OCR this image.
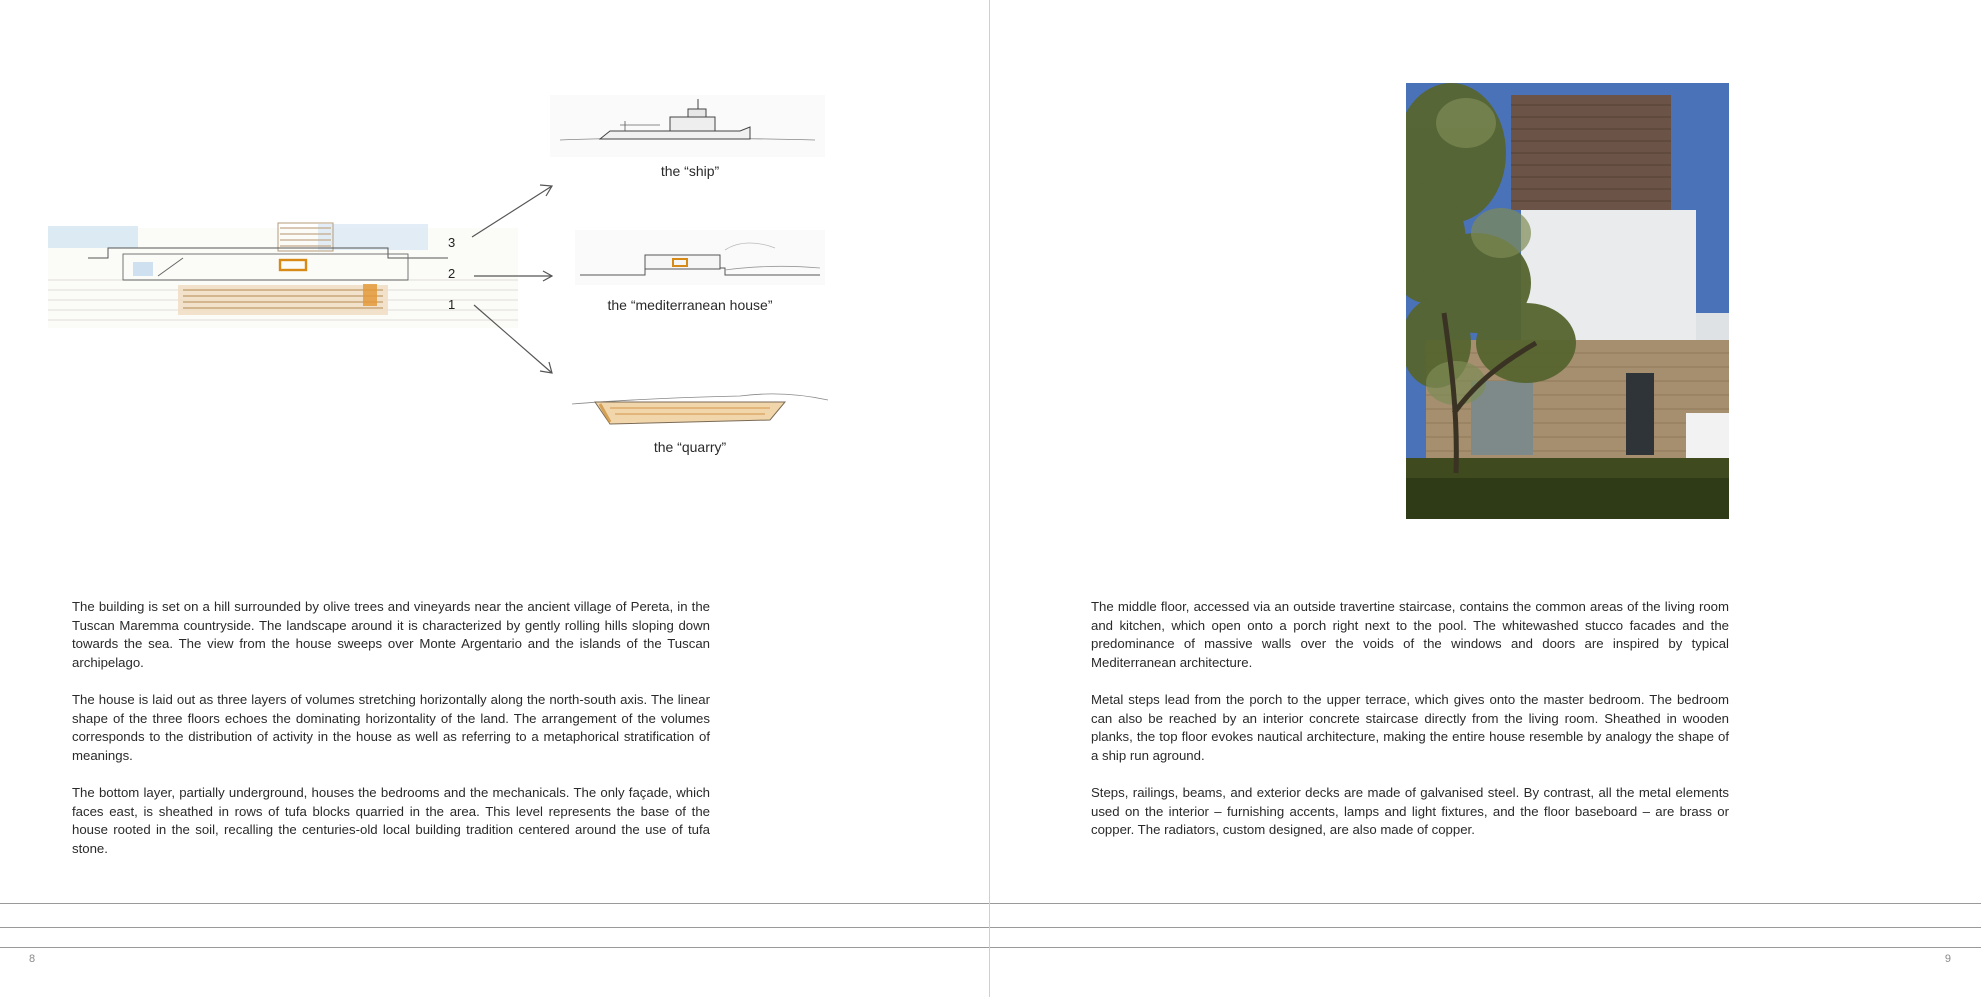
3
2
1
the “ship”
the “mediterranean house”
the “quarry”

The building is set on a hill surrounded by olive trees and vineyards near the ancient village of Pereta, in the Tuscan Maremma countryside. The landscape around it is characterized by gently rolling hills sloping down towards the sea. The view from the house sweeps over Monte Argentario and the islands of the Tuscan archipelago.

The house is laid out as three layers of volumes stretching horizontally along the north-south axis. The linear shape of the three floors echoes the dominating horizontality of the land. The arrangement of the volumes corresponds to the distribution of activity in the house as well as referring to a metaphorical stratification of meanings.

The bottom layer, partially underground, houses the bedrooms and the mechanicals. The only façade, which faces east, is sheathed in rows of tufa blocks quarried in the area. This level represents the base of the house rooted in the soil, recalling the centuries-old local building tradition centered around the use of tufa stone.

8

The middle floor, accessed via an outside travertine staircase, contains the common areas of the living room and kitchen, which open onto a porch right next to the pool. The whitewashed stucco facades and the predominance of massive walls over the voids of the windows and doors are inspired by typical Mediterranean architecture.

Metal steps lead from the porch to the upper terrace, which gives onto the master bedroom. The bedroom can also be reached by an interior concrete staircase directly from the living room. Sheathed in wooden planks, the top floor evokes nautical architecture, making the entire house resemble by analogy the shape of a ship run aground.

Steps, railings, beams, and exterior decks are made of galvanised steel. By contrast, all the metal elements used on the interior – furnishing accents, lamps and light fixtures, and the floor baseboard – are brass or copper. The radiators, custom designed, are also made of copper.

9
